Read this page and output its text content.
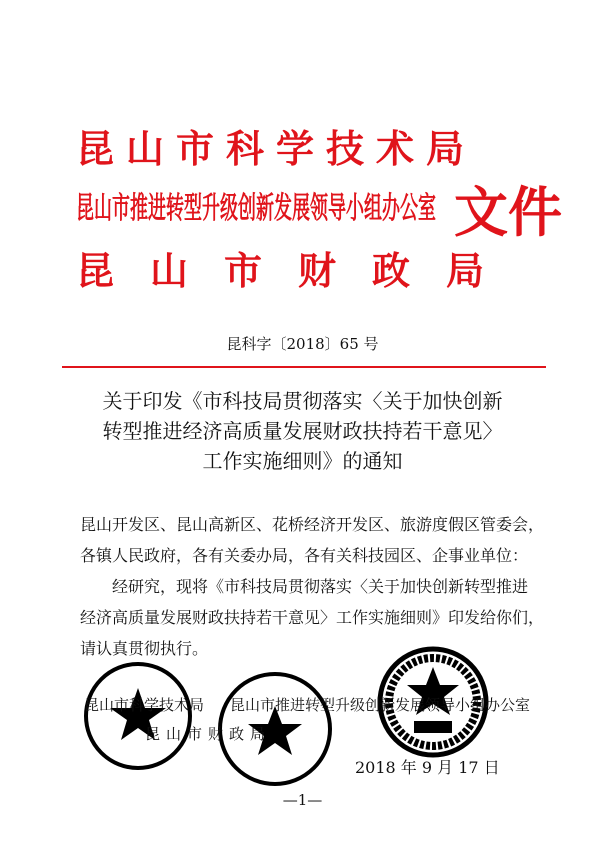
昆山市科学技术局
昆山市推进转型升级创新发展领导小组办公室
昆山市财政局
文件
昆科字〔2018〕65 号
关于印发《市科技局贯彻落实〈关于加快创新
转型推进经济高质量发展财政扶持若干意见〉
工作实施细则》的通知
昆山开发区、昆山高新区、花桥经济开发区、旅游度假区管委会，
各镇人民政府，各有关委办局，各有关科技园区、企事业单位：
　　经研究，现将《市科技局贯彻落实〈关于加快创新转型推进
经济高质量发展财政扶持若干意见〉工作实施细则》印发给你们，
请认真贯彻执行。
昆山市科学技术局 昆山市推进转型升级创新发展领导小组办公室
昆山市财政局
2018 年 9 月 17 日
—1—
